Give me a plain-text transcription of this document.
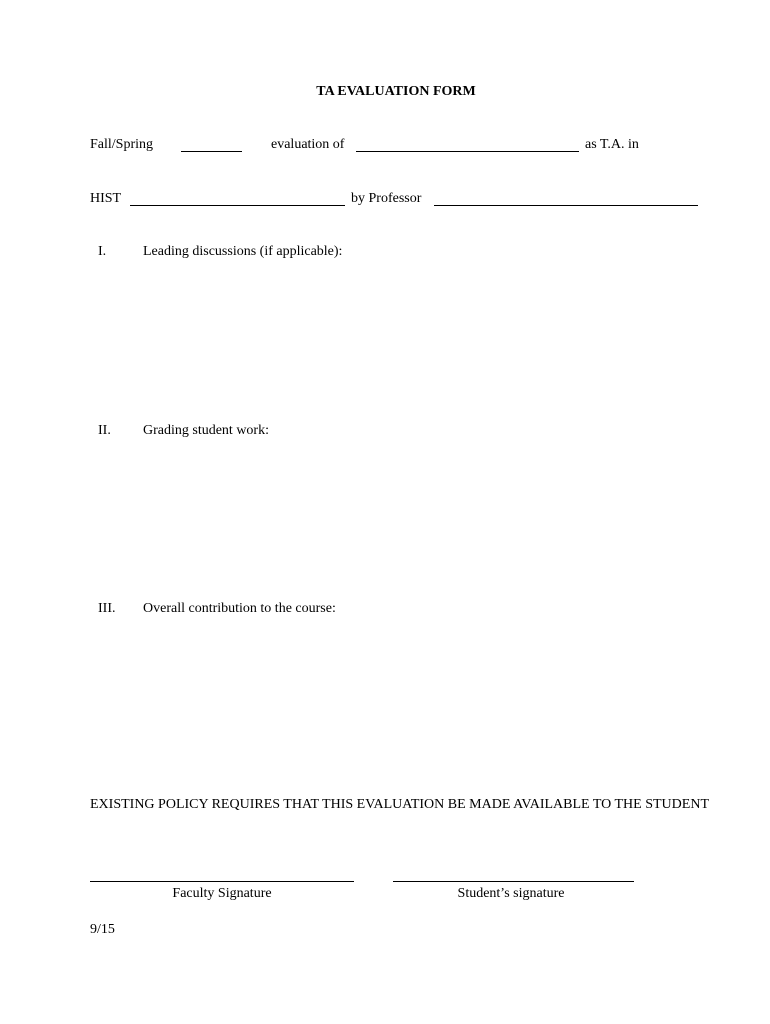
TA EVALUATION FORM
Fall/Spring	evaluation of	as T.A. in
HIST	by Professor
I.	Leading discussions (if applicable):
II. Grading student work:
III. Overall contribution to the course:
EXISTING POLICY REQUIRES THAT THIS EVALUATION BE MADE AVAILABLE TO THE STUDENT
Faculty Signature	Student’s signature
9/15
